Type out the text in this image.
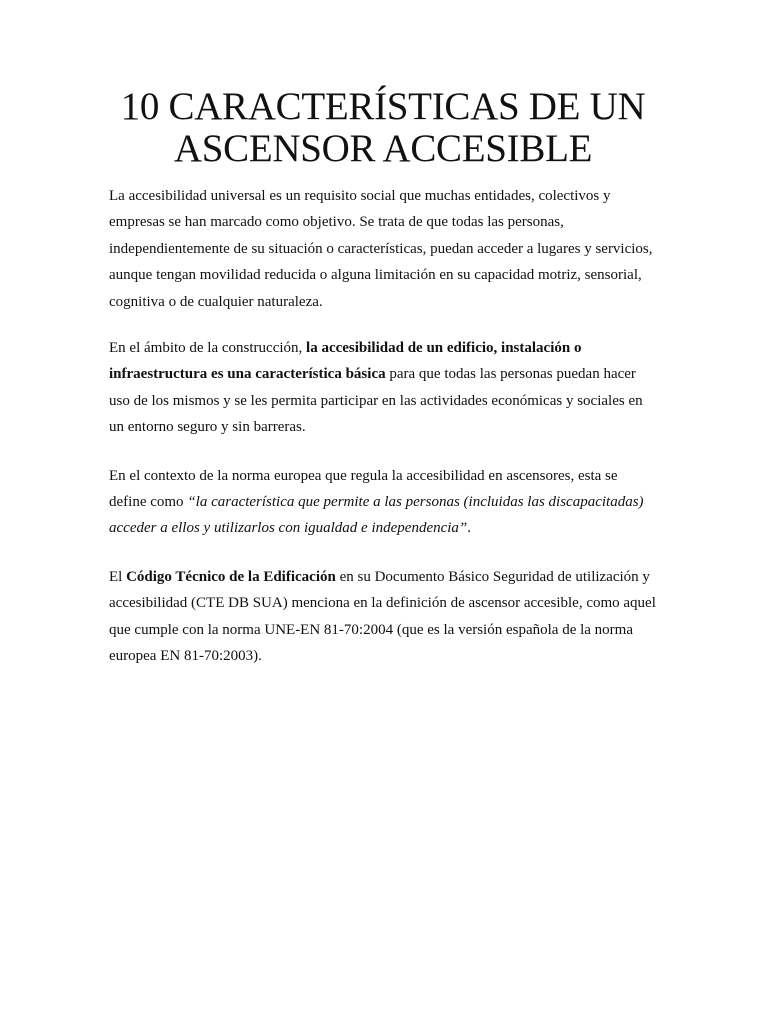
10 CARACTERÍSTICAS DE UN
ASCENSOR ACCESIBLE

La accesibilidad universal es un requisito social que muchas entidades, colectivos y empresas se han marcado como objetivo. Se trata de que todas las personas, independientemente de su situación o características, puedan acceder a lugares y servicios, aunque tengan movilidad reducida o alguna limitación en su capacidad motriz, sensorial, cognitiva o de cualquier naturaleza.

En el ámbito de la construcción, la accesibilidad de un edificio, instalación o infraestructura es una característica básica para que todas las personas puedan hacer uso de los mismos y se les permita participar en las actividades económicas y sociales en un entorno seguro y sin barreras.

En el contexto de la norma europea que regula la accesibilidad en ascensores, esta se define como “la característica que permite a las personas (incluidas las discapacitadas) acceder a ellos y utilizarlos con igualdad e independencia”.

El Código Técnico de la Edificación en su Documento Básico Seguridad de utilización y accesibilidad (CTE DB SUA) menciona en la definición de ascensor accesible, como aquel que cumple con la norma UNE-EN 81-70:2004 (que es la versión española de la norma europea EN 81-70:2003).
